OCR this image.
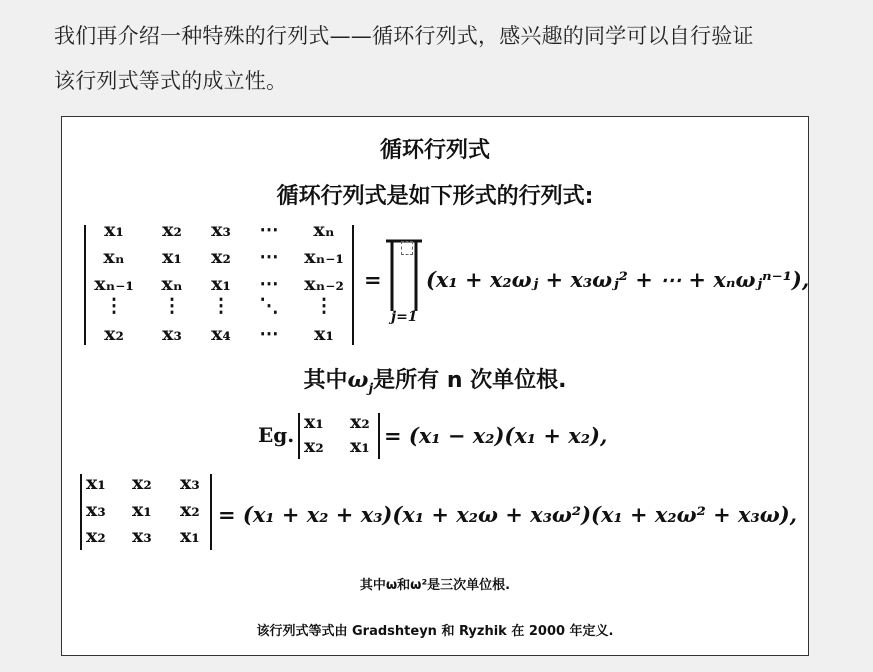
我们再介绍一种特殊的行列式——循环行列式，感兴趣的同学可以自行验证
该行列式等式的成立性。
循环行列式
循环行列式是如下形式的行列式:
x₁ x₂ x₃ ⋯ xₙ
xₙ x₁ x₂ ⋯ xₙ₋₁
xₙ₋₁ xₙ x₁ ⋯ xₙ₋₂
⋮ ⋮ ⋮ ⋱ ⋮
x₂ x₃ x₄ ⋯ x₁
=
j=1
(x₁ + x₂ωⱼ + x₃ωⱼ² + ⋯ + xₙωⱼⁿ⁻¹),
其中$\omega_j$是所有 n 次单位根.
Eg.
x₁ x₂
x₂ x₁ = (x₁ − x₂)(x₁ + x₂),
x₁ x₂ x₃
x₃ x₁ x₂
x₂ x₃ x₁
= (x₁ + x₂ + x₃)(x₁ + x₂ω + x₃ω²)(x₁ + x₂ω² + x₃ω),
其中ω和ω²是三次单位根.
该行列式等式由 Gradshteyn 和 Ryzhik 在 2000 年定义.
